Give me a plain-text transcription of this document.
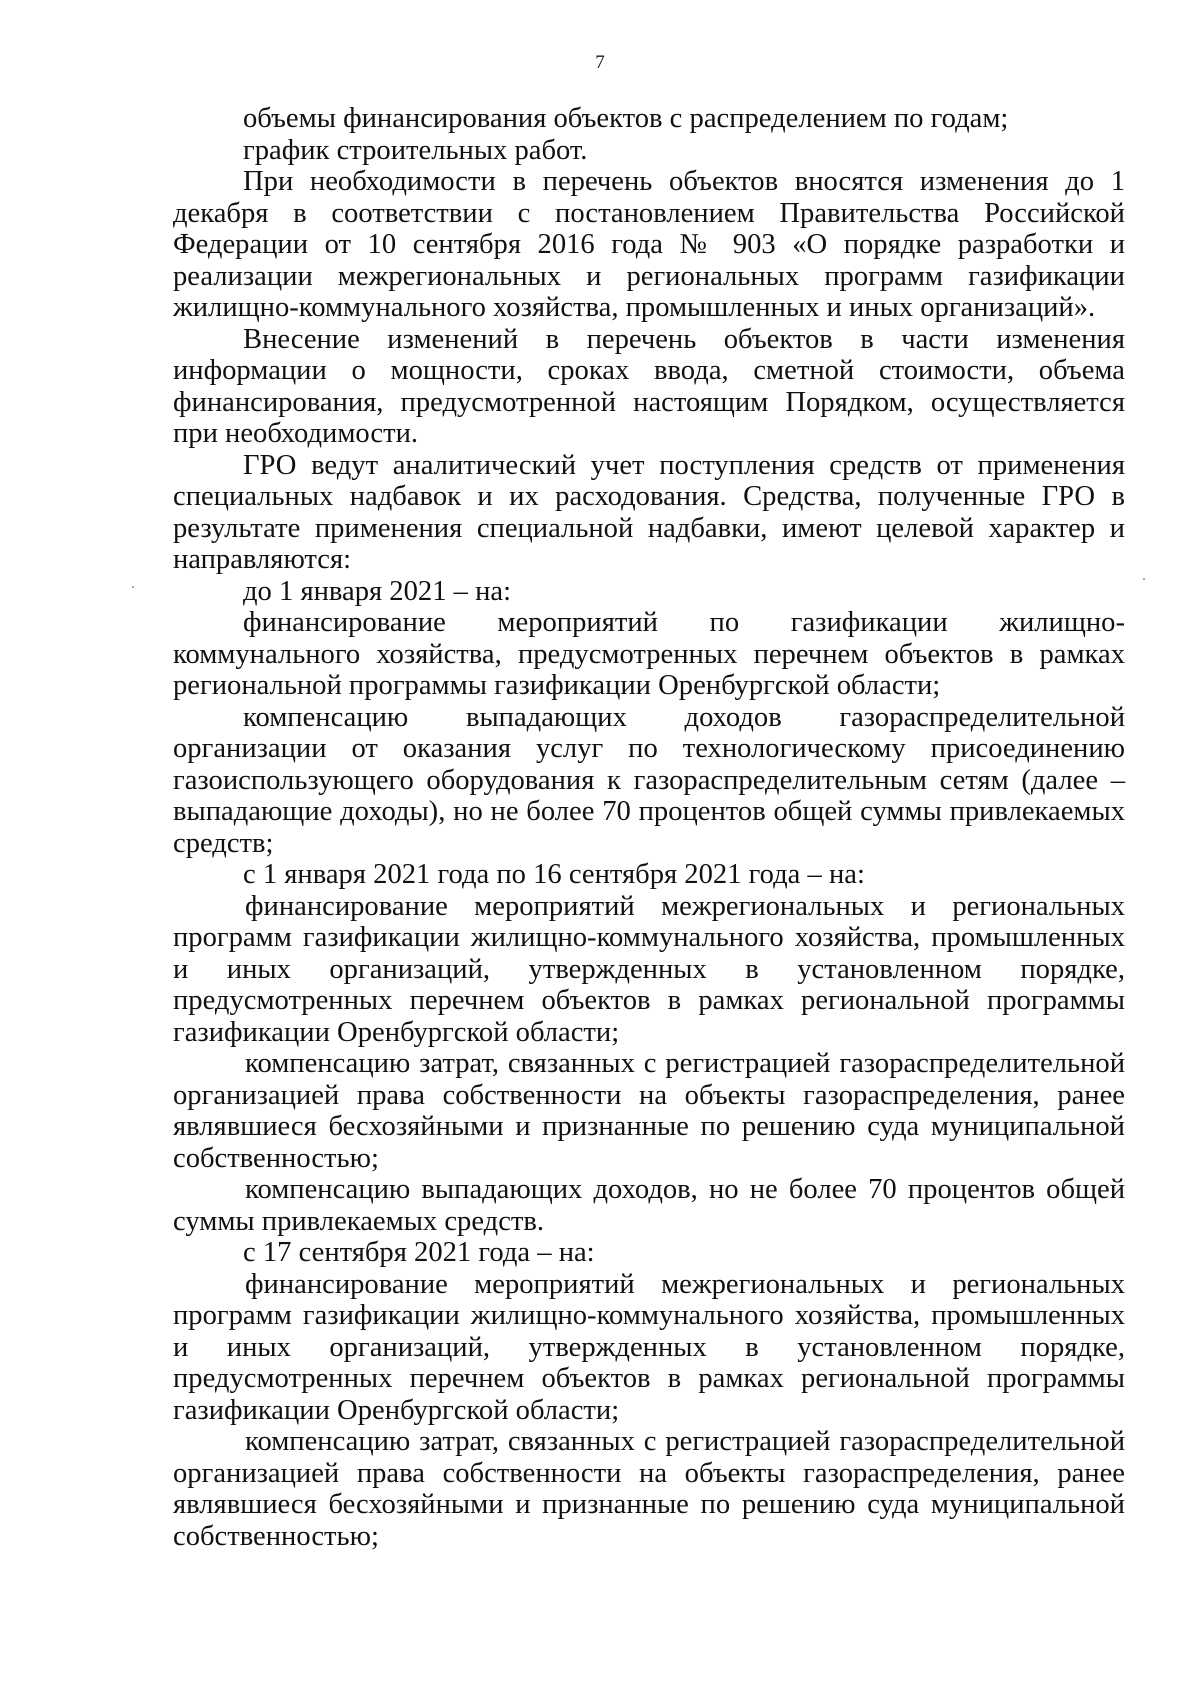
7

объемы финансирования объектов с распределением по годам;

график строительных работ.

При необходимости в перечень объектов вносятся изменения до 1 декабря в соответствии с постановлением Правительства Российской Федерации от 10 сентября 2016 года № 903 «О порядке разработки и реализации межрегиональных и региональных программ газификации жилищно-коммунального хозяйства, промышленных и иных организаций».

Внесение изменений в перечень объектов в части изменения информации о мощности, сроках ввода, сметной стоимости, объема финансирования, предусмотренной настоящим Порядком, осуществляется при необходимости.

ГРО ведут аналитический учет поступления средств от применения специальных надбавок и их расходования. Средства, полученные ГРО в результате применения специальной надбавки, имеют целевой характер и направляются:

до 1 января 2021 – на:

финансирование мероприятий по газификации жилищно-коммунального хозяйства, предусмотренных перечнем объектов в рамках региональной программы газификации Оренбургской области;

компенсацию выпадающих доходов газораспределительной организации от оказания услуг по технологическому присоединению газоиспользующего оборудования к газораспределительным сетям (далее – выпадающие доходы), но не более 70 процентов общей суммы привлекаемых средств;

с 1 января 2021 года по 16 сентября 2021 года – на:

финансирование мероприятий межрегиональных и региональных программ газификации жилищно-коммунального хозяйства, промышленных и иных организаций, утвержденных в установленном порядке, предусмотренных перечнем объектов в рамках региональной программы газификации Оренбургской области;

компенсацию затрат, связанных с регистрацией газораспределительной организацией права собственности на объекты газораспределения, ранее являвшиеся бесхозяйными и признанные по решению суда муниципальной собственностью;

компенсацию выпадающих доходов, но не более 70 процентов общей суммы привлекаемых средств.

с 17 сентября 2021 года – на:

финансирование мероприятий межрегиональных и региональных программ газификации жилищно-коммунального хозяйства, промышленных и иных организаций, утвержденных в установленном порядке, предусмотренных перечнем объектов в рамках региональной программы газификации Оренбургской области;

компенсацию затрат, связанных с регистрацией газораспределительной организацией права собственности на объекты газораспределения, ранее являвшиеся бесхозяйными и признанные по решению суда муниципальной собственностью;
